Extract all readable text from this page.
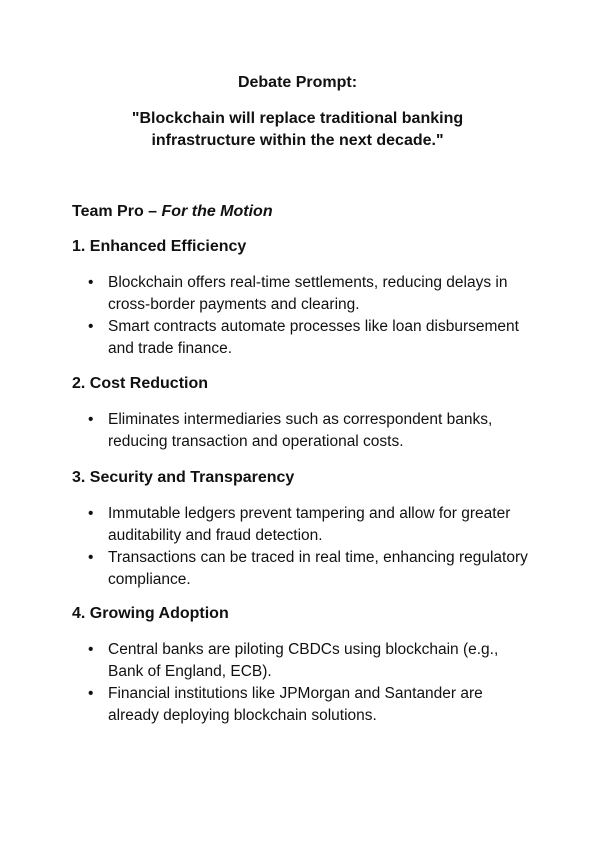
Debate Prompt:
"Blockchain will replace traditional banking infrastructure within the next decade."
Team Pro – For the Motion

1. Enhanced Efficiency

• Blockchain offers real-time settlements, reducing delays in cross-border payments and clearing.
• Smart contracts automate processes like loan disbursement and trade finance.

2. Cost Reduction

• Eliminates intermediaries such as correspondent banks, reducing transaction and operational costs.

3. Security and Transparency

• Immutable ledgers prevent tampering and allow for greater auditability and fraud detection.
• Transactions can be traced in real time, enhancing regulatory compliance.

4. Growing Adoption

• Central banks are piloting CBDCs using blockchain (e.g., Bank of England, ECB).
• Financial institutions like JPMorgan and Santander are already deploying blockchain solutions.
